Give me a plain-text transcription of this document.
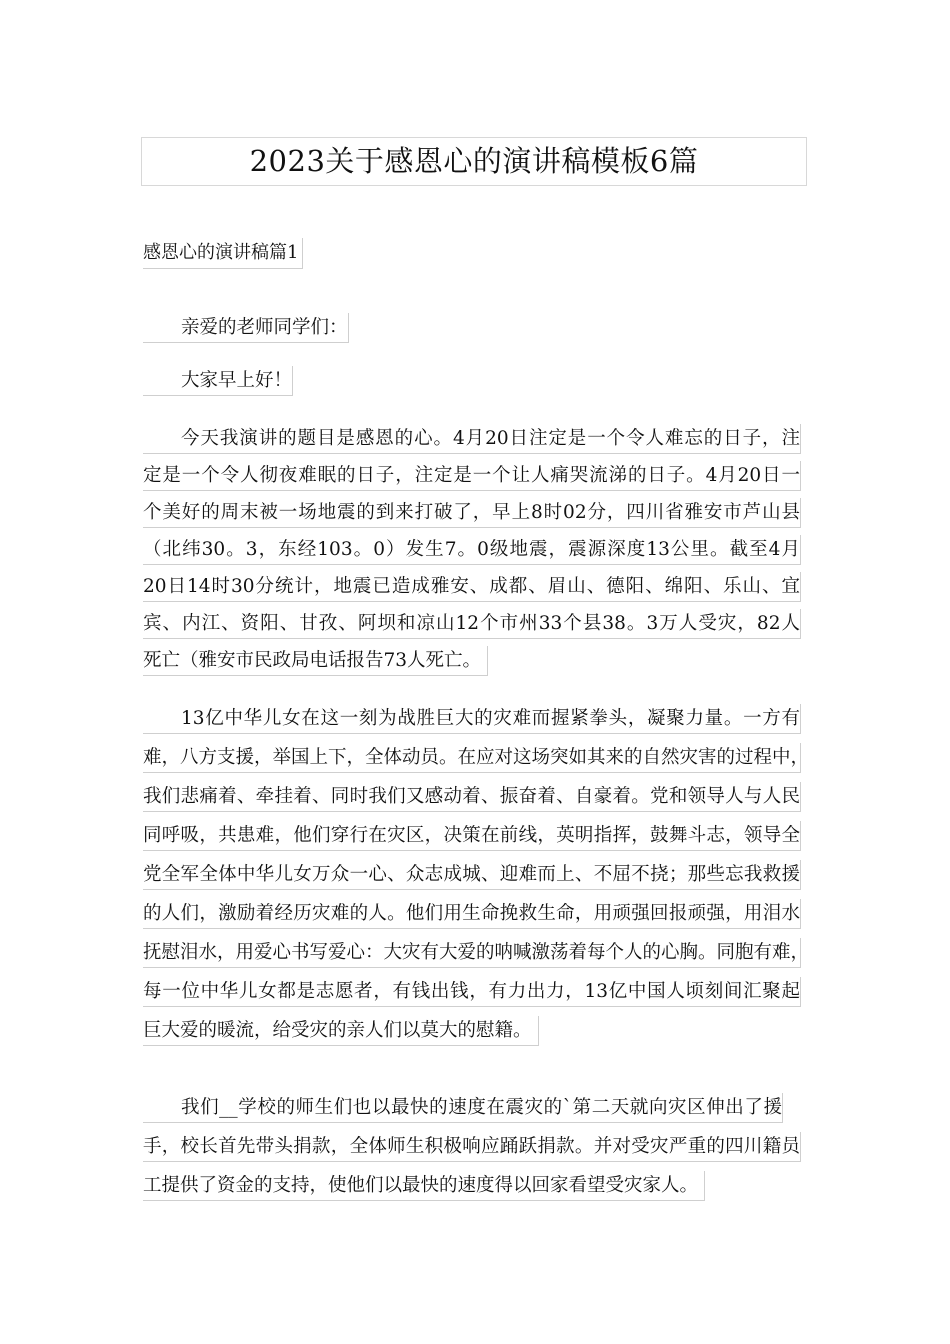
2023关于感恩心的演讲稿模板6篇
感恩心的演讲稿篇1
亲爱的老师同学们：
大家早上好！
今天我演讲的题目是感恩的心。4月20日注定是一个令人难忘的日子，注
定是一个令人彻夜难眠的日子，注定是一个让人痛哭流涕的日子。4月20日一
个美好的周末被一场地震的到来打破了，早上8时02分，四川省雅安市芦山县
（北纬30。3，东经103。0）发生7。0级地震，震源深度13公里。截至4月
20日14时30分统计，地震已造成雅安、成都、眉山、德阳、绵阳、乐山、宜
宾、内江、资阳、甘孜、阿坝和凉山12个市州33个县38。3万人受灾，82人
死亡（雅安市民政局电话报告73人死亡。
13亿中华儿女在这一刻为战胜巨大的灾难而握紧拳头，凝聚力量。一方有
难，八方支援，举国上下，全体动员。在应对这场突如其来的自然灾害的过程中，
我们悲痛着、牵挂着、同时我们又感动着、振奋着、自豪着。党和领导人与人民
同呼吸，共患难，他们穿行在灾区，决策在前线，英明指挥，鼓舞斗志，领导全
党全军全体中华儿女万众一心、众志成城、迎难而上、不屈不挠；那些忘我救援
的人们，激励着经历灾难的人。他们用生命挽救生命，用顽强回报顽强，用泪水
抚慰泪水，用爱心书写爱心：大灾有大爱的呐喊激荡着每个人的心胸。同胞有难，
每一位中华儿女都是志愿者，有钱出钱，有力出力，13亿中国人顷刻间汇聚起
巨大爱的暖流，给受灾的亲人们以莫大的慰籍。
我们__学校的师生们也以最快的速度在震灾的`第二天就向灾区伸出了援
手，校长首先带头捐款，全体师生积极响应踊跃捐款。并对受灾严重的四川籍员
工提供了资金的支持，使他们以最快的速度得以回家看望受灾家人。
